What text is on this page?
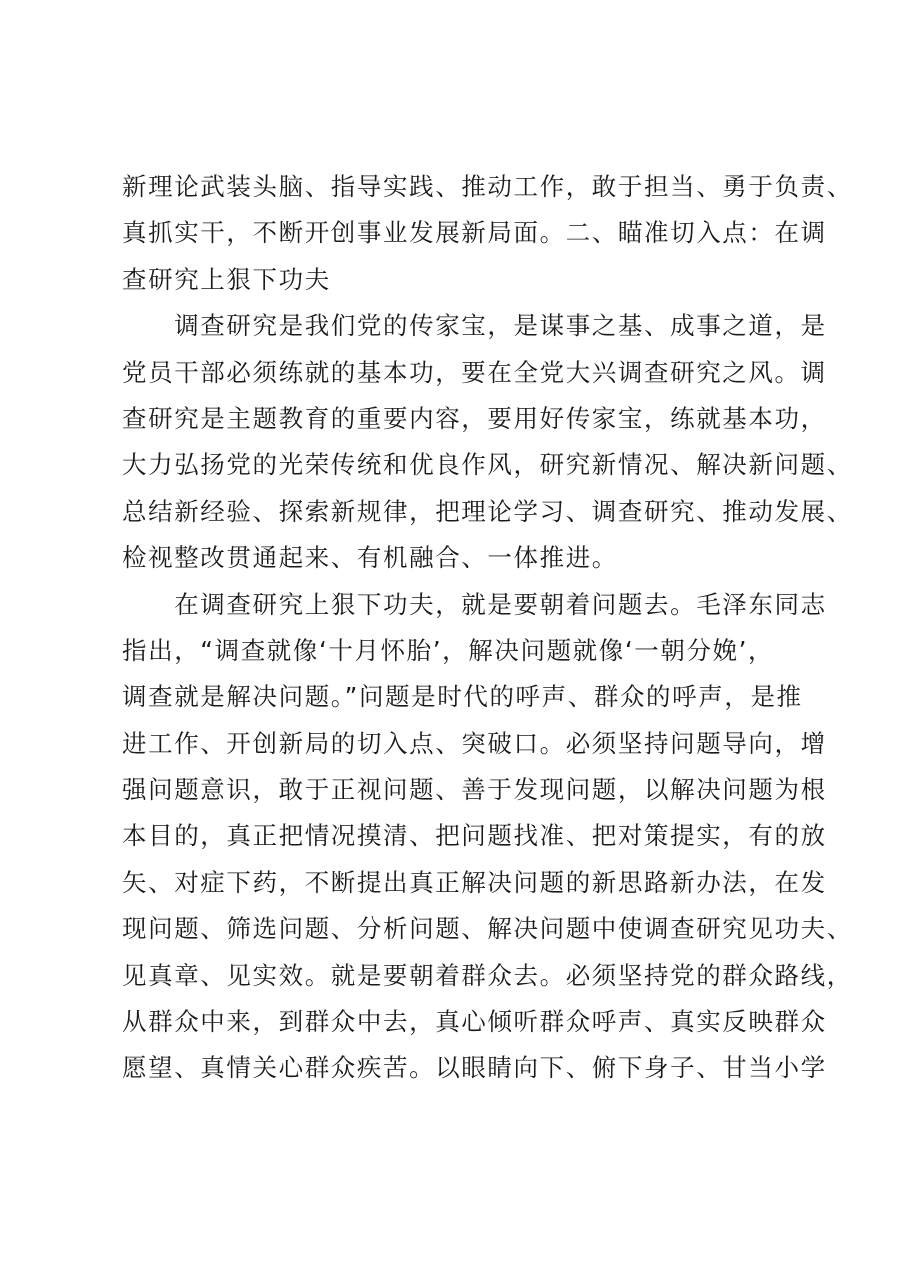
新理论武装头脑、指导实践、推动工作，敢于担当、勇于负责、
真抓实干，不断开创事业发展新局面。二、瞄准切入点：在调
查研究上狠下功夫
　　调查研究是我们党的传家宝，是谋事之基、成事之道，是
党员干部必须练就的基本功，要在全党大兴调查研究之风。调
查研究是主题教育的重要内容，要用好传家宝，练就基本功，
大力弘扬党的光荣传统和优良作风，研究新情况、解决新问题、
总结新经验、探索新规律，把理论学习、调查研究、推动发展、
检视整改贯通起来、有机融合、一体推进。
　　在调查研究上狠下功夫，就是要朝着问题去。毛泽东同志
指出，“调查就像‘十月怀胎’，解决问题就像‘一朝分娩’，
调查就是解决问题。”问题是时代的呼声、群众的呼声，是推
进工作、开创新局的切入点、突破口。必须坚持问题导向，增
强问题意识，敢于正视问题、善于发现问题，以解决问题为根
本目的，真正把情况摸清、把问题找准、把对策提实，有的放
矢、对症下药，不断提出真正解决问题的新思路新办法，在发
现问题、筛选问题、分析问题、解决问题中使调查研究见功夫、
见真章、见实效。就是要朝着群众去。必须坚持党的群众路线，
从群众中来，到群众中去，真心倾听群众呼声、真实反映群众
愿望、真情关心群众疾苦。以眼睛向下、俯下身子、甘当小学
